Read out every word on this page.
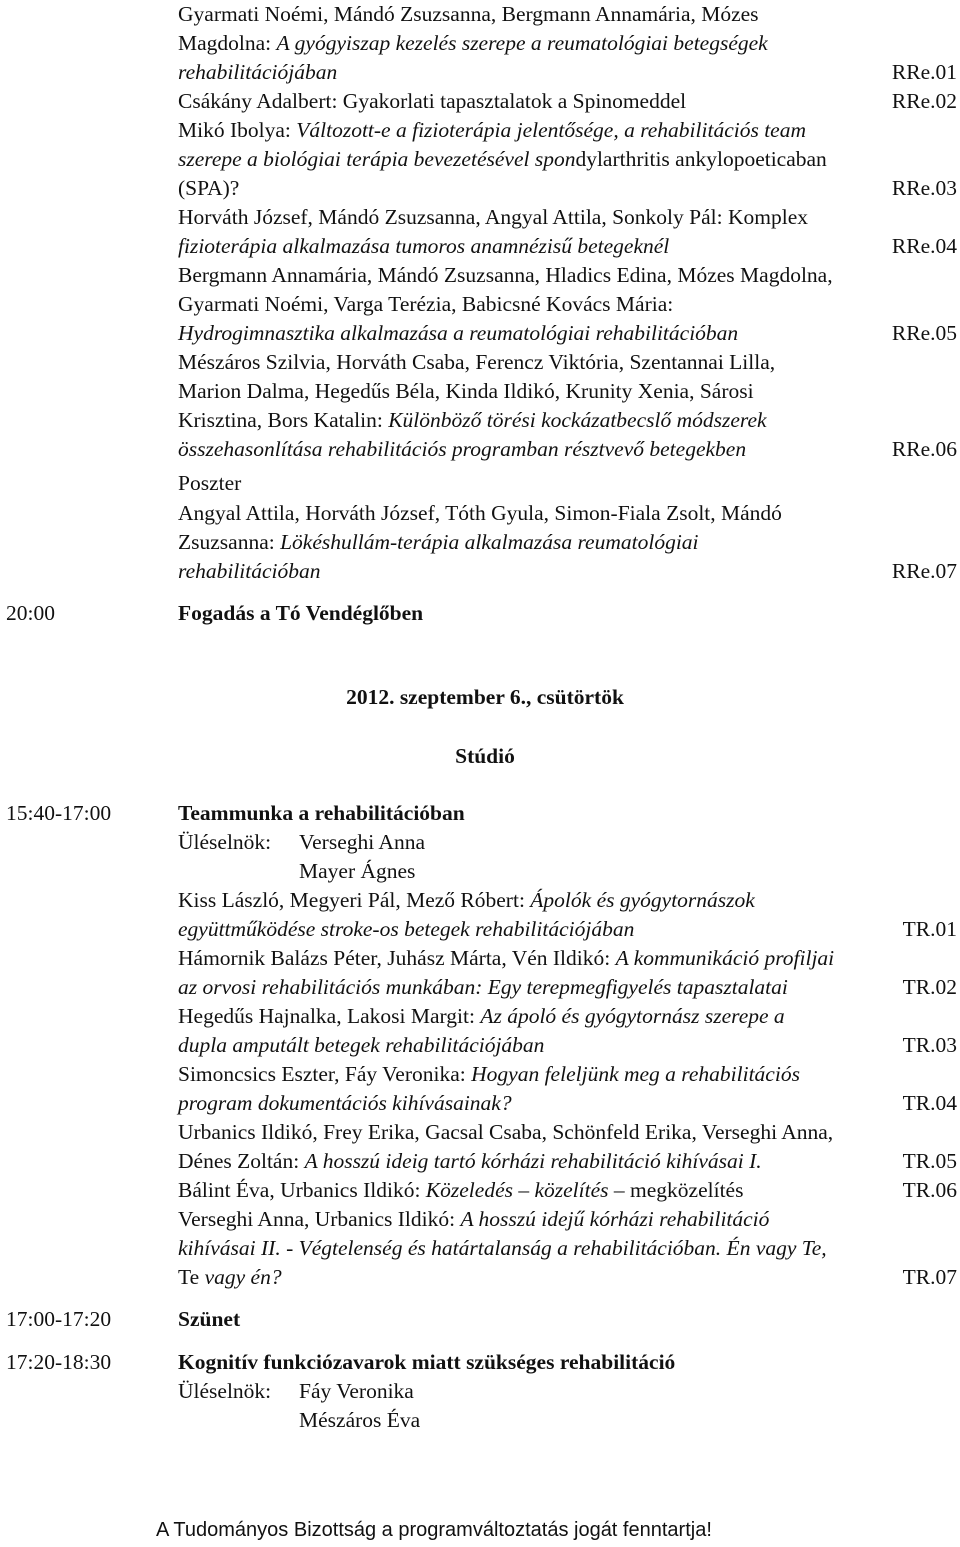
Gyarmati Noémi, Mándó Zsuzsanna, Bergmann Annamária, Mózes
Magdolna: A gyógyiszap kezelés szerepe a reumatológiai betegségek
rehabilitációjában	RRe.01
Csákány Adalbert: Gyakorlati tapasztalatok a Spinomeddel	RRe.02
Mikó Ibolya: Változott-e a fizioterápia jelentősége, a rehabilitációs team
szerepe a biológiai terápia bevezetésével spondylarthritis ankylopoeticaban
(SPA)?	RRe.03
Horváth József, Mándó Zsuzsanna, Angyal Attila, Sonkoly Pál: Komplex
fizioterápia alkalmazása tumoros anamnézisű betegeknél	RRe.04
Bergmann Annamária, Mándó Zsuzsanna, Hladics Edina, Mózes Magdolna,
Gyarmati Noémi, Varga Terézia, Babicsné Kovács Mária:
Hydrogimnasztika alkalmazása a reumatológiai rehabilitációban	RRe.05
Mészáros Szilvia, Horváth Csaba, Ferencz Viktória, Szentannai Lilla,
Marion Dalma, Hegedűs Béla, Kinda Ildikó, Krunity Xenia, Sárosi
Krisztina, Bors Katalin: Különböző törési kockázatbecslő módszerek
összehasonlítása rehabilitációs programban résztvevő betegekben	RRe.06
Poszter
Angyal Attila, Horváth József, Tóth Gyula, Simon-Fiala Zsolt, Mándó
Zsuzsanna: Lökéshullám-terápia alkalmazása reumatológiai
rehabilitációban	RRe.07
20:00	Fogadás a Tó Vendéglőben
2012. szeptember 6., csütörtök
Stúdió
15:40-17:00	Teammunka a rehabilitációban
Üléselnök: Verseghi Anna
Mayer Ágnes
Kiss László, Megyeri Pál, Mező Róbert: Ápolók és gyógytornászok
együttműködése stroke-os betegek rehabilitációjában	TR.01
Hámornik Balázs Péter, Juhász Márta, Vén Ildikó: A kommunikáció profiljai
az orvosi rehabilitációs munkában: Egy terepmegfigyelés tapasztalatai	TR.02
Hegedűs Hajnalka, Lakosi Margit: Az ápoló és gyógytornász szerepe a
dupla amputált betegek rehabilitációjában	TR.03
Simoncsics Eszter, Fáy Veronika: Hogyan feleljünk meg a rehabilitációs
program dokumentációs kihívásainak?	TR.04
Urbanics Ildikó, Frey Erika, Gacsal Csaba, Schönfeld Erika, Verseghi Anna,
Dénes Zoltán: A hosszú ideig tartó kórházi rehabilitáció kihívásai I.	TR.05
Bálint Éva, Urbanics Ildikó: Közeledés – közelítés – megközelítés	TR.06
Verseghi Anna, Urbanics Ildikó: A hosszú idejű kórházi rehabilitáció
kihívásai II. - Végtelenség és határtalanság a rehabilitációban. Én vagy Te,
Te vagy én?	TR.07
17:00-17:20	Szünet
17:20-18:30	Kognitív funkciózavarok miatt szükséges rehabilitáció
Üléselnök: Fáy Veronika
Mészáros Éva
A Tudományos Bizottság a programváltoztatás jogát fenntartja!
